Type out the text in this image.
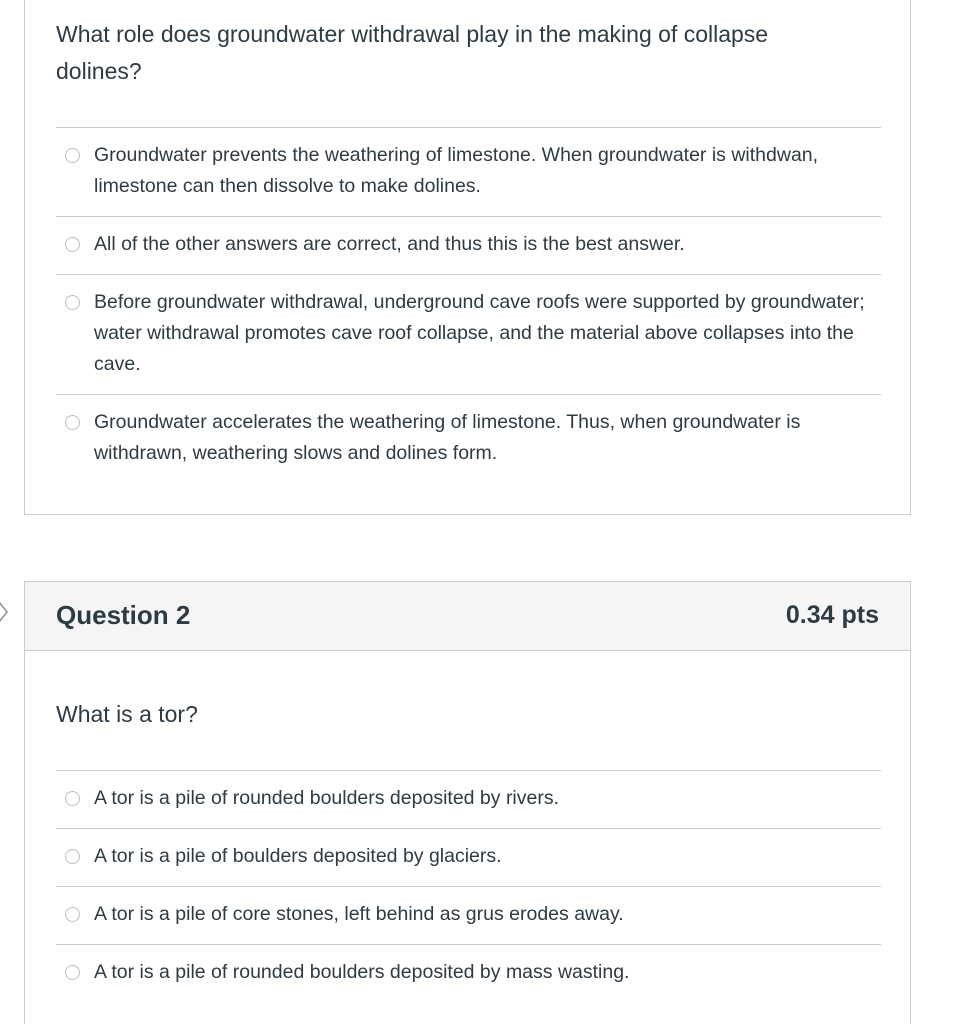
What role does groundwater withdrawal play in the making of collapse dolines?
Groundwater prevents the weathering of limestone. When groundwater is withdwan, limestone can then dissolve to make dolines.
All of the other answers are correct, and thus this is the best answer.
Before groundwater withdrawal, underground cave roofs were supported by groundwater; water withdrawal promotes cave roof collapse, and the material above collapses into the cave.
Groundwater accelerates the weathering of limestone. Thus, when groundwater is withdrawn, weathering slows and dolines form.
Question 2	0.34 pts
What is a tor?
A tor is a pile of rounded boulders deposited by rivers.
A tor is a pile of boulders deposited by glaciers.
A tor is a pile of core stones, left behind as grus erodes away.
A tor is a pile of rounded boulders deposited by mass wasting.
